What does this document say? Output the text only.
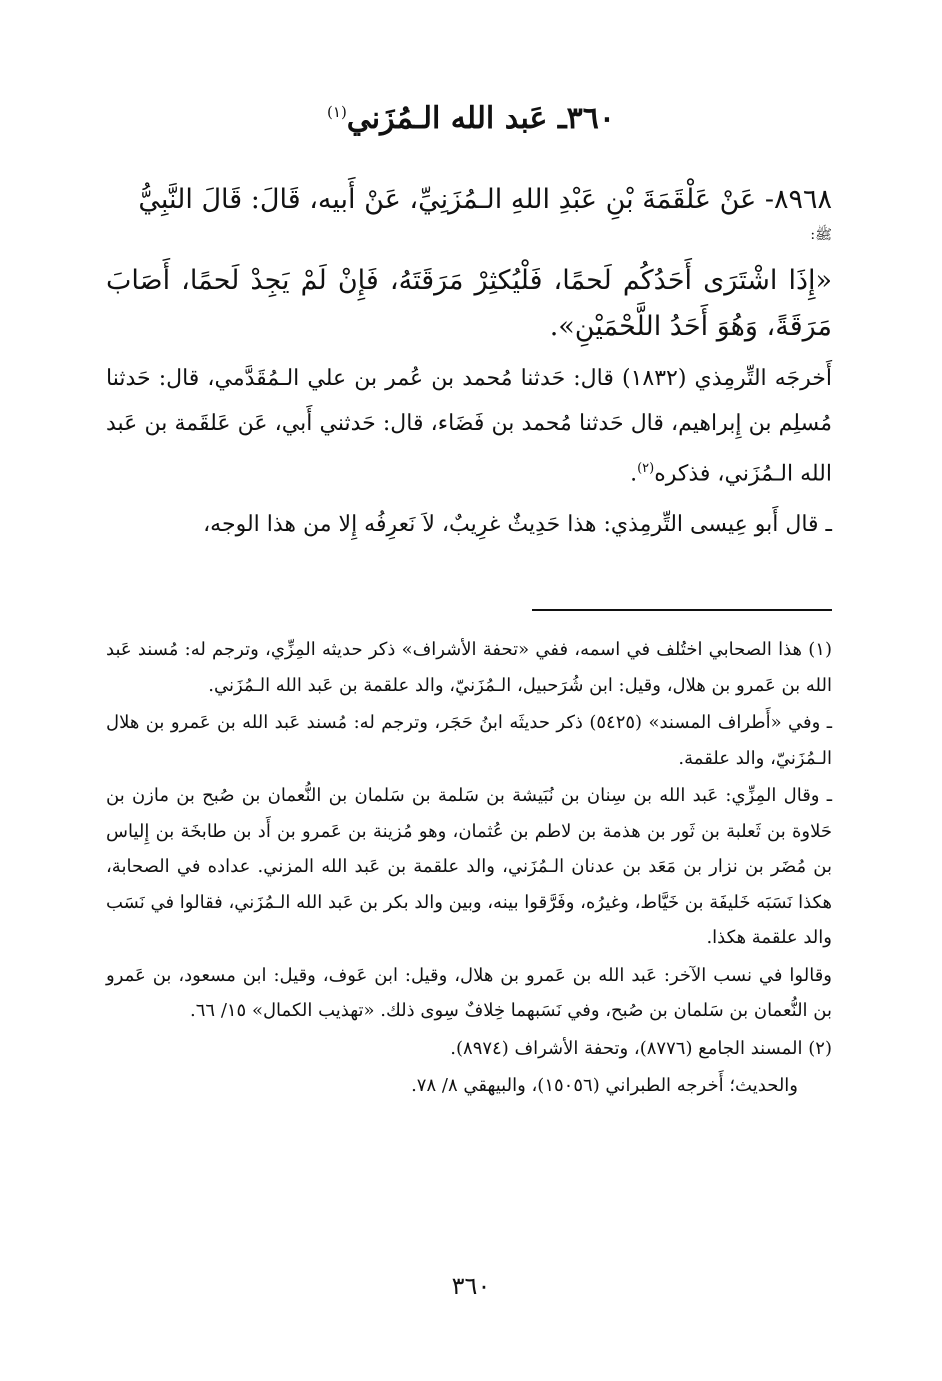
٣٦٠ـ عَبد الله الـمُزَني$^{(١)}$

٨٩٦٨- عَنْ عَلْقَمَةَ بْنِ عَبْدِ اللهِ الـمُزَنِيِّ، عَنْ أَبيه، قَالَ: قَالَ النَّبِيُّ

ﷺ:

«إِذَا اشْتَرَى أَحَدُكُم لَحمًا، فَلْيُكثِرْ مَرَقَتَهُ، فَإِنْ لَمْ يَجِدْ لَحمًا، أَصَابَ مَرَقَةً، وَهُوَ أَحَدُ اللَّحْمَيْنِ».

أَخرجَه التِّرمِذي (١٨٣٢) قال: حَدثنا مُحمد بن عُمر بن علي الـمُقَدَّمي، قال: حَدثنا مُسلِم بن إِبراهيم، قال حَدثنا مُحمد بن فَضَاء، قال: حَدثني أَبي، عَن عَلقَمة بن عَبد الله الـمُزَني، فذكره$^{(٢)}$.

ـ قال أَبو عِيسى التِّرمِذي: هذا حَدِيثٌ غرِيبٌ، لاَ نَعرِفُه إِلا من هذا الوجه،

(١) هذا الصحابي اختُلف في اسمه، ففي «تحفة الأشراف» ذكر حديثه المِزِّي، وترجم له: مُسند عَبد الله بن عَمرو بن هلال، وقيل: ابن شُرَحبيل، الـمُزَنيّ، والد علقمة بن عَبد الله الـمُزَني.

ـ وفي «أَطراف المسند» (٥٤٢٥) ذكر حديثَه ابنُ حَجَر، وترجم له: مُسند عَبد الله بن عَمرو بن هلال الـمُزَنيّ، والد علقمة.

ـ وقال المِزِّي: عَبد الله بن سِنان بن نُبَيشة بن سَلمة بن سَلمان بن النُّعمان بن صُبح بن مازن بن حَلاوة بن ثَعلبة بن ثَور بن هذمة بن لاطم بن عُثمان، وهو مُزينة بن عَمرو بن أَد بن طابخَة بن إِلياس بن مُضَر بن نزار بن مَعَد بن عدنان الـمُزَني، والد علقمة بن عَبد الله المزني. عداده في الصحابة، هكذا نَسَبَه خَليفَة بن خَيَّاط، وغيرُه، وفَرَّقوا بينه، وبين والد بكر بن عَبد الله الـمُزَني، فقالوا في نَسَب والد علقمة هكذا.

وقالوا في نسب الآخر: عَبد الله بن عَمرو بن هلال، وقيل: ابن عَوف، وقيل: ابن مسعود، بن عَمرو بن النُّعمان بن سَلمان بن صُبح، وفي نَسَبهما خِلافٌ سِوى ذلك. «تهذيب الكمال» ١٥/ ٦٦.

(٢) المسند الجامع (٨٧٧٦)، وتحفة الأشراف (٨٩٧٤).

والحديث؛ أَخرجه الطبراني (١٥٠٥٦)، والبيهقي ٨/ ٧٨.

٣٦٠
